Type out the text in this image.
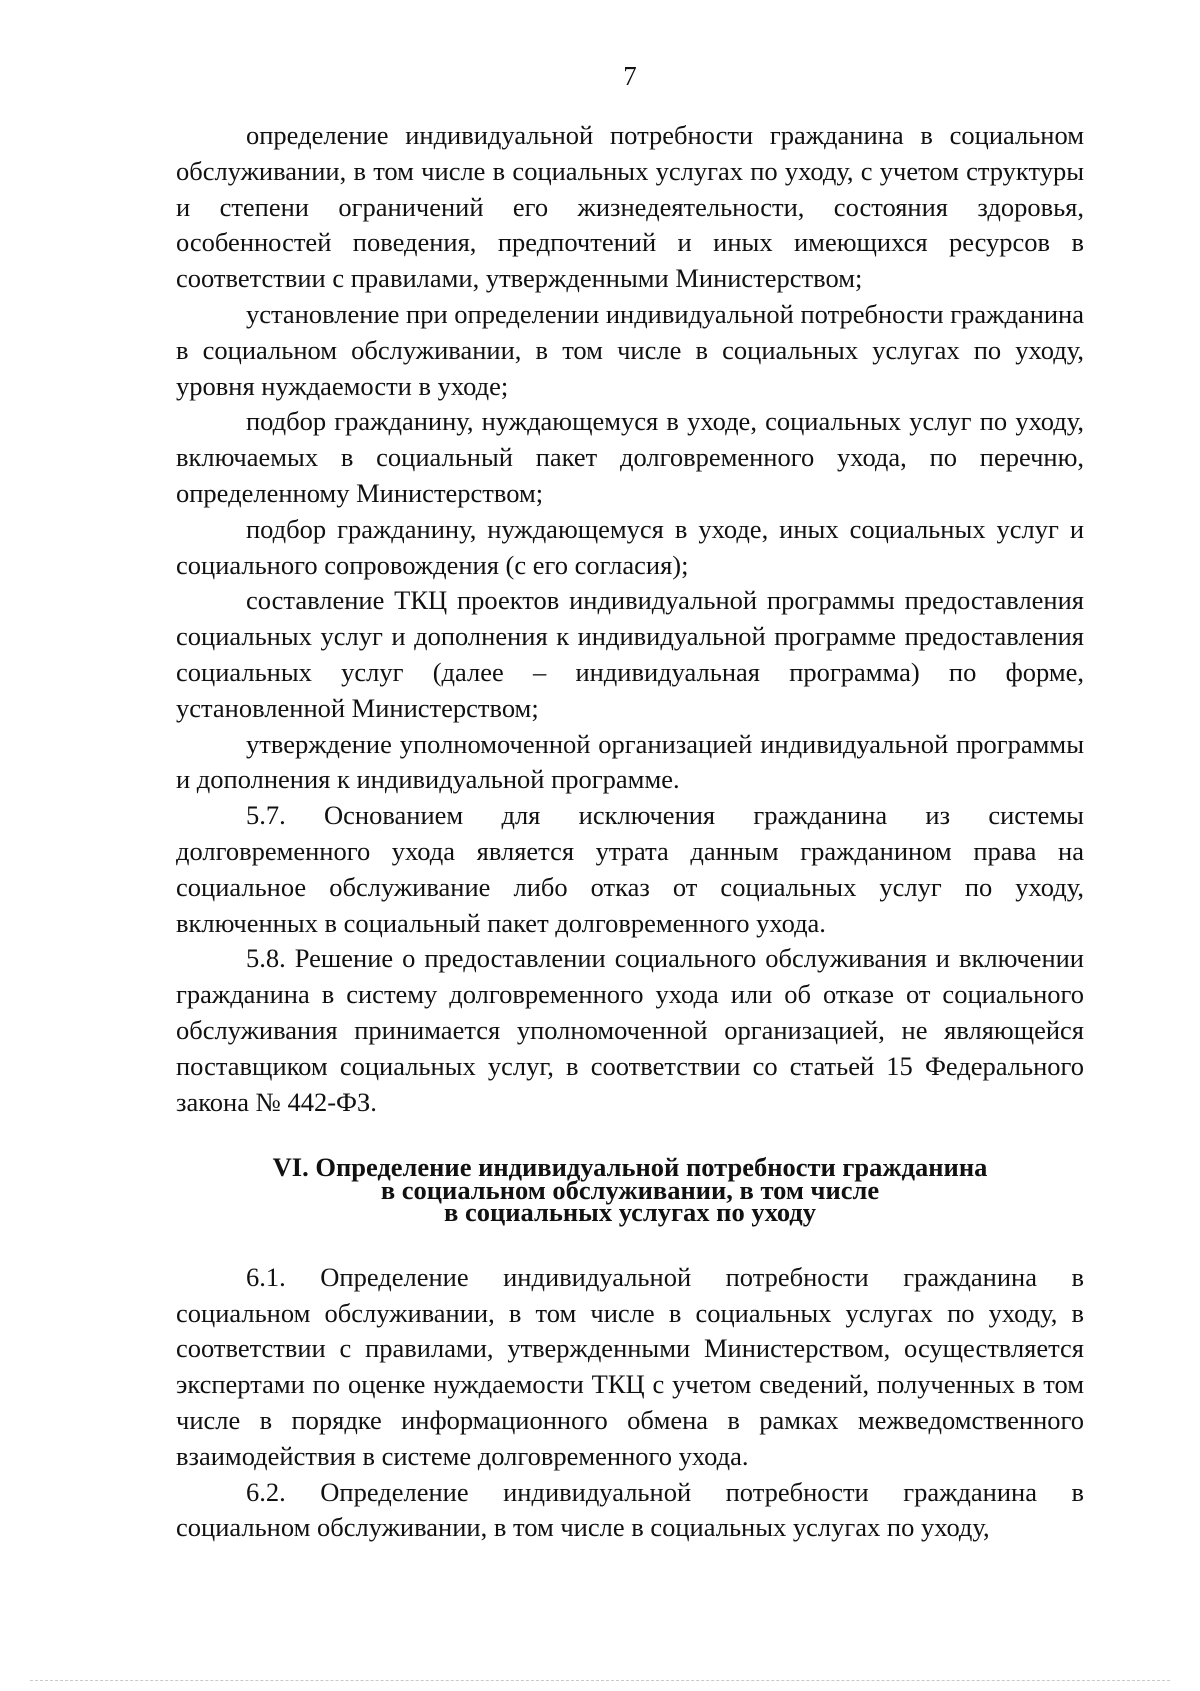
7

определение индивидуальной потребности гражданина в социальном обслуживании, в том числе в социальных услугах по уходу, с учетом структуры и степени ограничений его жизнедеятельности, состояния здоровья, особенностей поведения, предпочтений и иных имеющихся ресурсов в соответствии с правилами, утвержденными Министерством;

установление при определении индивидуальной потребности гражданина в социальном обслуживании, в том числе в социальных услугах по уходу, уровня нуждаемости в уходе;

подбор гражданину, нуждающемуся в уходе, социальных услуг по уходу, включаемых в социальный пакет долговременного ухода, по перечню, определенному Министерством;

подбор гражданину, нуждающемуся в уходе, иных социальных услуг и социального сопровождения (с его согласия);

составление ТКЦ проектов индивидуальной программы предоставления социальных услуг и дополнения к индивидуальной программе предоставления социальных услуг (далее – индивидуальная программа) по форме, установленной Министерством;

утверждение уполномоченной организацией индивидуальной программы и дополнения к индивидуальной программе.

5.7. Основанием для исключения гражданина из системы долговременного ухода является утрата данным гражданином права на социальное обслуживание либо отказ от социальных услуг по уходу, включенных в социальный пакет долговременного ухода.

5.8. Решение о предоставлении социального обслуживания и включении гражданина в систему долговременного ухода или об отказе от социального обслуживания принимается уполномоченной организацией, не являющейся поставщиком социальных услуг, в соответствии со статьей 15 Федерального закона № 442-ФЗ.

VI. Определение индивидуальной потребности гражданина
в социальном обслуживании, в том числе
в социальных услугах по уходу

6.1. Определение индивидуальной потребности гражданина в социальном обслуживании, в том числе в социальных услугах по уходу, в соответствии с правилами, утвержденными Министерством, осуществляется экспертами по оценке нуждаемости ТКЦ с учетом сведений, полученных в том числе в порядке информационного обмена в рамках межведомственного взаимодействия в системе долговременного ухода.

6.2. Определение индивидуальной потребности гражданина в социальном обслуживании, в том числе в социальных услугах по уходу,
